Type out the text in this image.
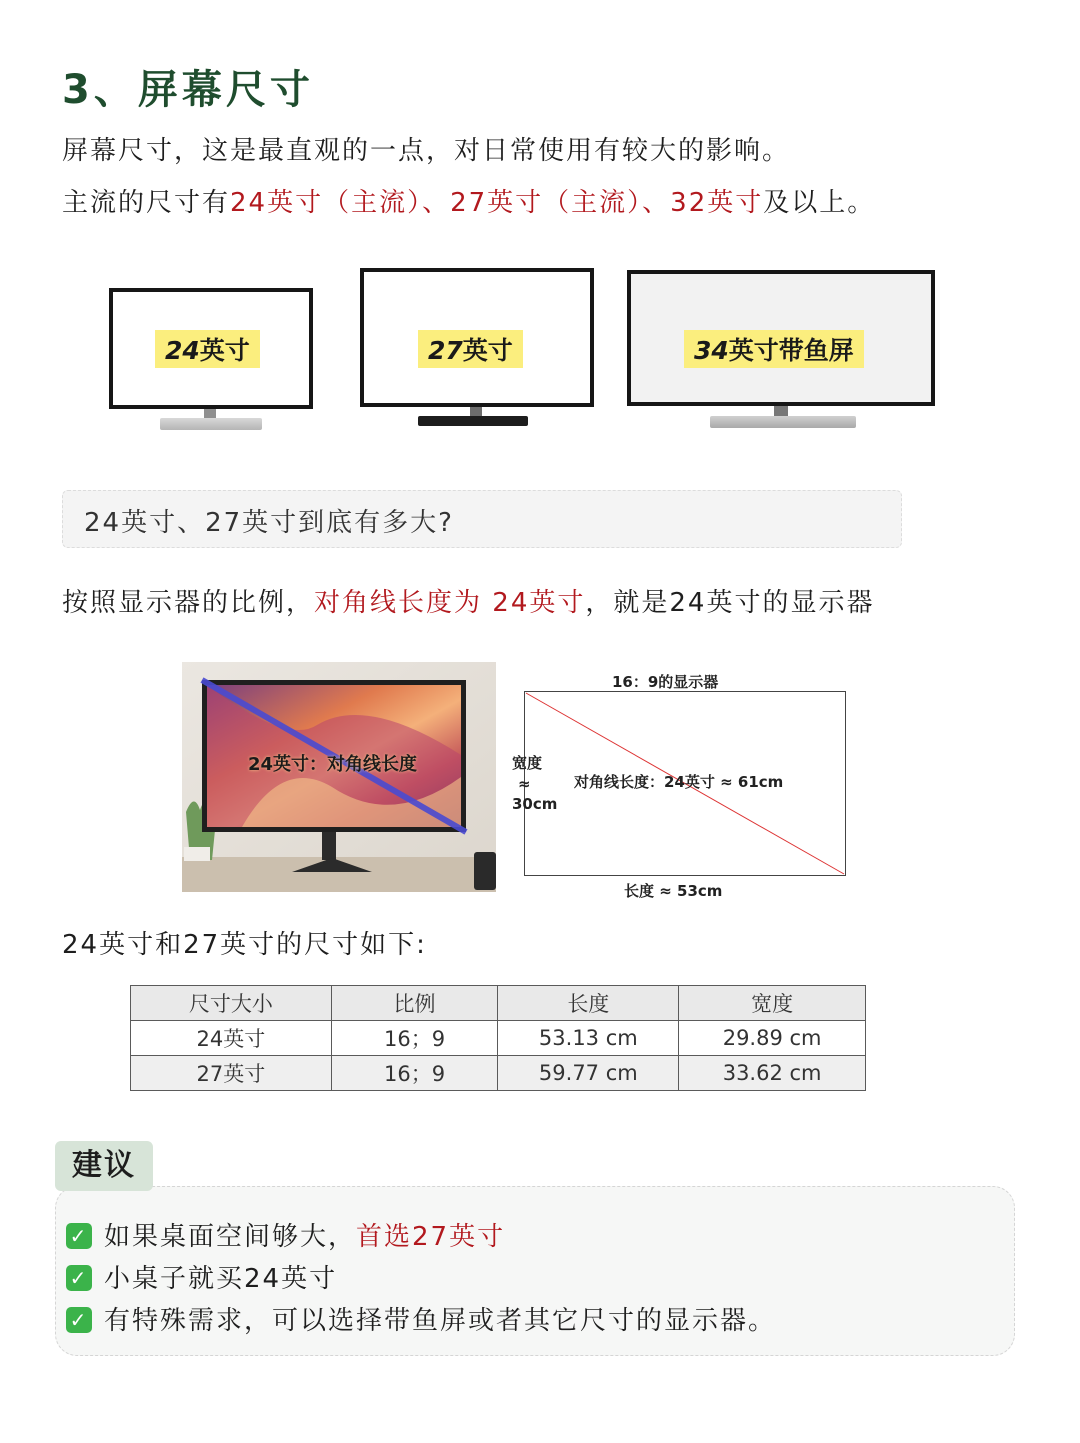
3、屏幕尺寸
屏幕尺寸，这是最直观的一点，对日常使用有较大的影响。
主流的尺寸有24英寸（主流）、27英寸（主流）、32英寸及以上。
24英寸	27英寸	34英寸带鱼屏
24英寸、27英寸到底有多大?
按照显示器的比例，对角线长度为 24英寸，就是24英寸的显示器
24英寸：对角线长度
16：9的显示器
宽度
≈
30cm
对角线长度：24英寸 ≈ 61cm
长度 ≈ 53cm
24英寸和27英寸的尺寸如下:
尺寸大小	比例	长度	宽度
24英寸	16；9	53.13 cm	29.89 cm
27英寸	16；9	59.77 cm	33.62 cm
建议
✓ 如果桌面空间够大，首选27英寸
✓ 小桌子就买24英寸
✓ 有特殊需求，可以选择带鱼屏或者其它尺寸的显示器。
